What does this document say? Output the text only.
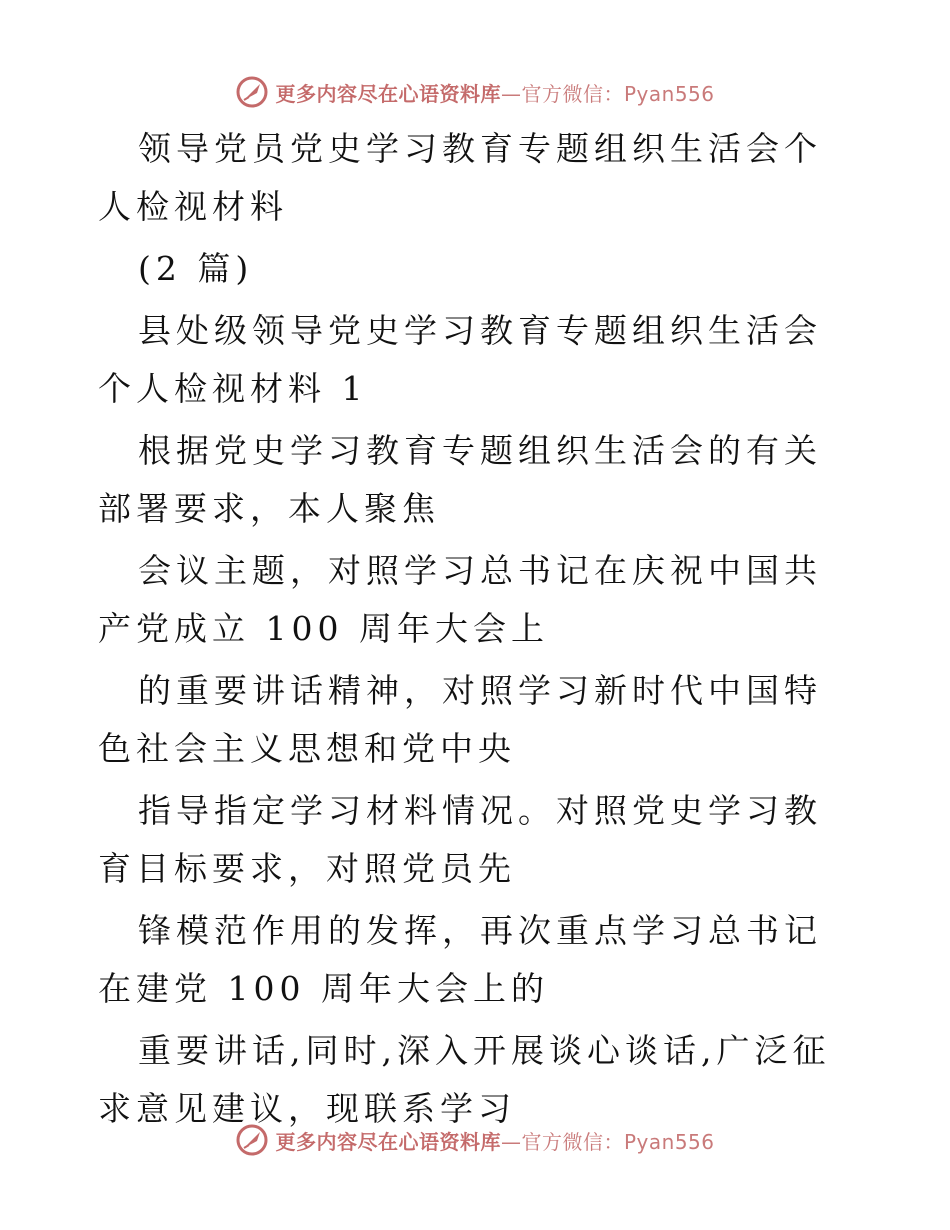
更多内容尽在心语资料库—官方微信：Pyan556

领导党员党史学习教育专题组织生活会个人检视材料

(2 篇)

县处级领导党史学习教育专题组织生活会个人检视材料 1

根据党史学习教育专题组织生活会的有关部署要求，本人聚焦

会议主题，对照学习总书记在庆祝中国共产党成立 100 周年大会上

的重要讲话精神，对照学习新时代中国特色社会主义思想和党中央

指导指定学习材料情况。对照党史学习教育目标要求，对照党员先

锋模范作用的发挥，再次重点学习总书记在建党 100 周年大会上的

重要讲话,同时,深入开展谈心谈话,广泛征求意见建议，现联系学习

更多内容尽在心语资料库—官方微信：Pyan556
